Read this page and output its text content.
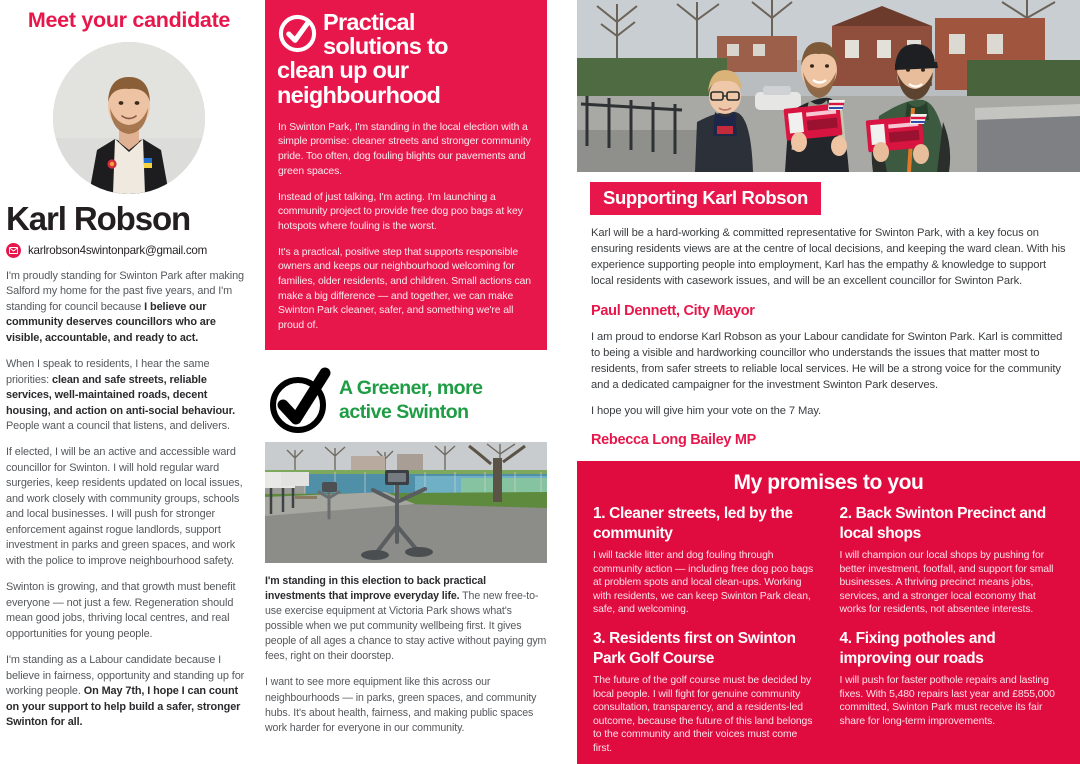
Meet your candidate
Karl Robson
karlrobson4swintonpark@gmail.com

I'm proudly standing for Swinton Park after making Salford my home for the past five years, and I'm standing for council because I believe our community deserves councillors who are visible, accountable, and ready to act.

When I speak to residents, I hear the same priorities: clean and safe streets, reliable services, well-maintained roads, decent housing, and action on anti-social behaviour. People want a council that listens, and delivers.

If elected, I will be an active and accessible ward councillor for Swinton. I will hold regular ward surgeries, keep residents updated on local issues, and work closely with community groups, schools and local businesses. I will push for stronger enforcement against rogue landlords, support investment in parks and green spaces, and work with the police to improve neighbourhood safety.

Swinton is growing, and that growth must benefit everyone — not just a few. Regeneration should mean good jobs, thriving local centres, and real opportunities for young people.

I'm standing as a Labour candidate because I believe in fairness, opportunity and standing up for working people. On May 7th, I hope I can count on your support to help build a safer, stronger Swinton for all.

Practical
solutions to
clean up our
neighbourhood

In Swinton Park, I'm standing in the local election with a simple promise: cleaner streets and stronger community pride. Too often, dog fouling blights our pavements and green spaces.

Instead of just talking, I'm acting. I'm launching a community project to provide free dog poo bags at key hotspots where fouling is the worst.

It's a practical, positive step that supports responsible owners and keeps our neighbourhood welcoming for families, older residents, and children. Small actions can make a big difference — and together, we can make Swinton Park cleaner, safer, and something we're all proud of.

A Greener, more
active Swinton

I'm standing in this election to back practical investments that improve everyday life. The new free-to-use exercise equipment at Victoria Park shows what's possible when we put community wellbeing first. It gives people of all ages a chance to stay active without paying gym fees, right on their doorstep.

I want to see more equipment like this across our neighbourhoods — in parks, green spaces, and community hubs. It's about health, fairness, and making public spaces work harder for everyone in our community.

Supporting Karl Robson

Karl will be a hard-working & committed representative for Swinton Park, with a key focus on ensuring residents views are at the centre of local decisions, and keeping the ward clean. With his experience supporting people into employment, Karl has the empathy & knowledge to support local residents with casework issues, and will be an excellent councillor for Swinton Park.

Paul Dennett, City Mayor

I am proud to endorse Karl Robson as your Labour candidate for Swinton Park. Karl is committed to being a visible and hardworking councillor who understands the issues that matter most to residents, from safer streets to reliable local services. He will be a strong voice for the community and a dedicated campaigner for the investment Swinton Park deserves.

I hope you will give him your vote on the 7 May.

Rebecca Long Bailey MP
My promises to you
1. Cleaner streets, led by the community
I will tackle litter and dog fouling through community action — including free dog poo bags at problem spots and local clean-ups. Working with residents, we can keep Swinton Park clean, safe, and welcoming.
2. Back Swinton Precinct and local shops
I will champion our local shops by pushing for better investment, footfall, and support for small businesses. A thriving precinct means jobs, services, and a stronger local economy that works for residents, not absentee interests.
3. Residents first on Swinton Park Golf Course
The future of the golf course must be decided by local people. I will fight for genuine community consultation, transparency, and a residents-led outcome, because the future of this land belongs to the community and their voices must come first.
4. Fixing potholes and improving our roads
I will push for faster pothole repairs and lasting fixes. With 5,480 repairs last year and £855,000 committed, Swinton Park must receive its fair share for long-term improvements.
